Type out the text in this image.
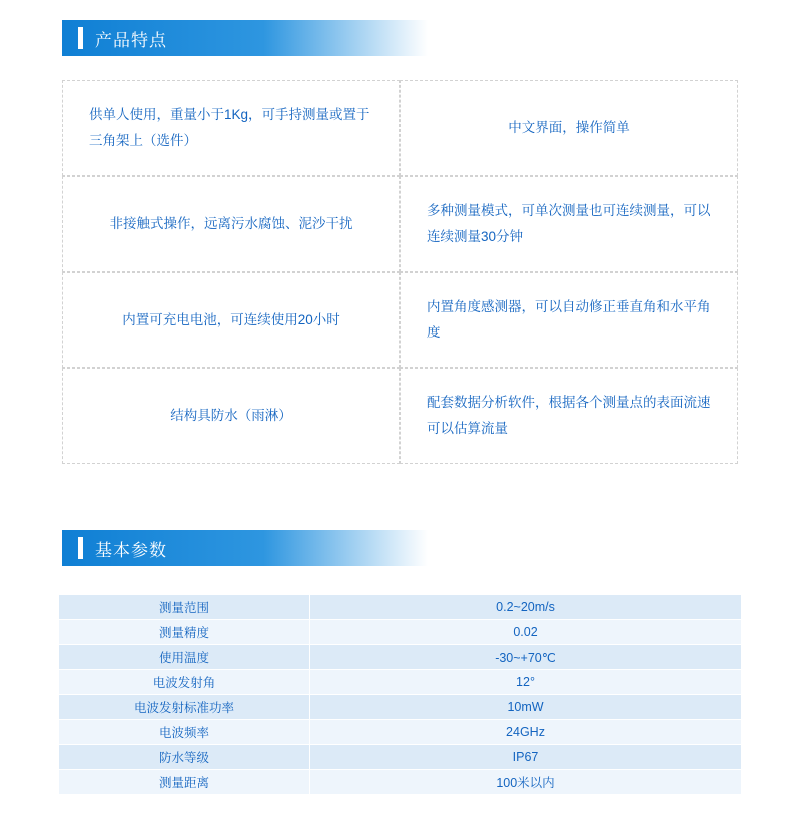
产品特点
供单人使用，重量小于1Kg，可手持测量或置于三角架上（选件）
中文界面，操作简单
非接触式操作，远离污水腐蚀、泥沙干扰
多种测量模式，可单次测量也可连续测量，可以连续测量30分钟
内置可充电电池，可连续使用20小时
内置角度感测器，可以自动修正垂直角和水平角度
结构具防水（雨淋）
配套数据分析软件，根据各个测量点的表面流速可以估算流量
基本参数
测量范围	0.2~20m/s
测量精度	0.02
使用温度	-30~+70℃
电波发射角	12°
电波发射标准功率	10mW
电波频率	24GHz
防水等级	IP67
测量距离	100米以内
